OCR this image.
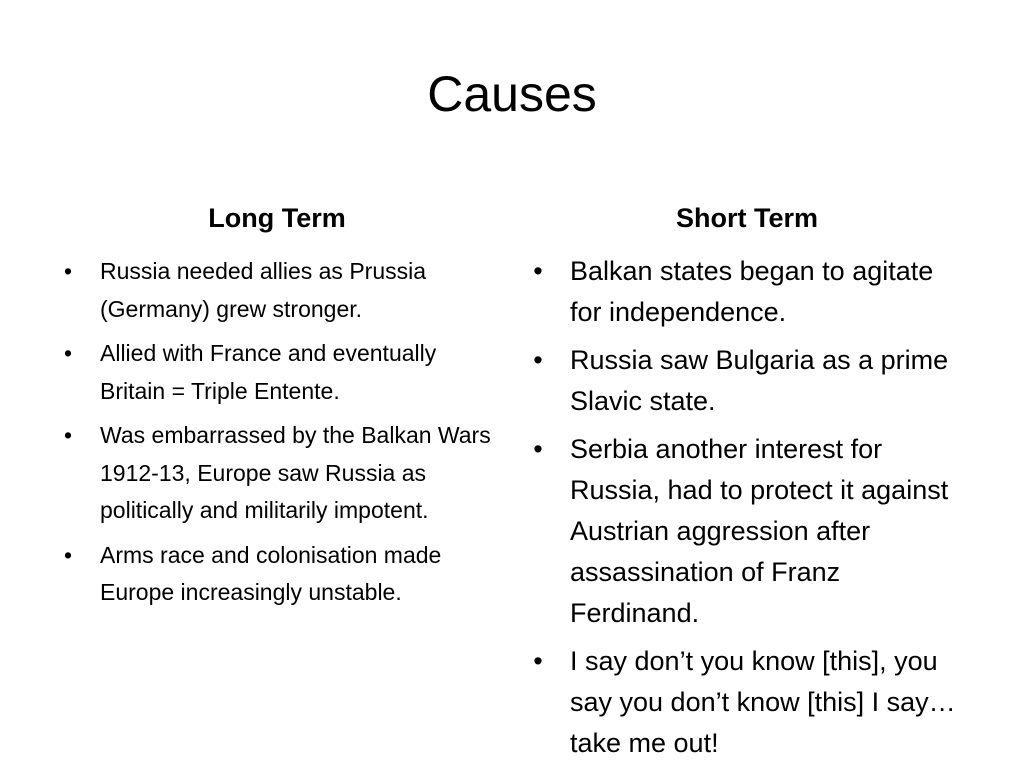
Causes
Long Term	Short Term
• Russia needed allies as Prussia (Germany) grew stronger.
• Allied with France and eventually Britain = Triple Entente.
• Was embarrassed by the Balkan Wars 1912-13, Europe saw Russia as politically and militarily impotent.
• Arms race and colonisation made Europe increasingly unstable.
• Balkan states began to agitate for independence.
• Russia saw Bulgaria as a prime Slavic state.
• Serbia another interest for Russia, had to protect it against Austrian aggression after assassination of Franz Ferdinand.
• I say don’t you know [this], you say you don’t know [this] I say…take me out!
